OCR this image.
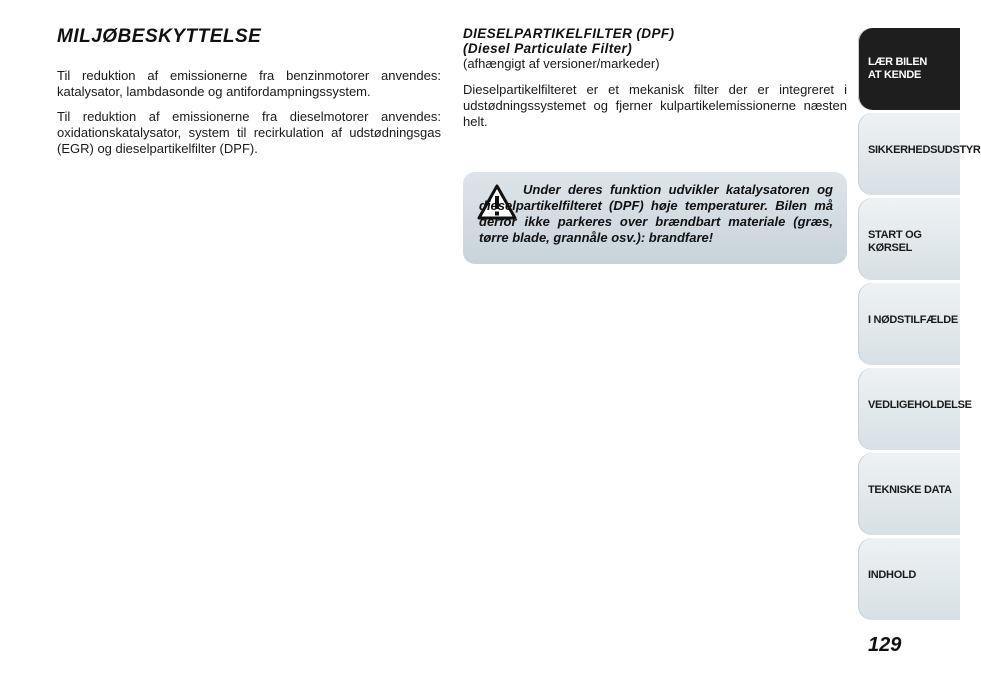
MILJØBESKYTTELSE

Til reduktion af emissionerne fra benzinmotorer anvendes: katalysator, lambdasonde og antifordampningssystem.

Til reduktion af emissionerne fra dieselmotorer anvendes: oxidationskatalysator, system til recirkulation af udstødningsgas (EGR) og dieselpartikelfilter (DPF).

DIESELPARTIKELFILTER (DPF)
(Diesel Particulate Filter)
(afhængigt af versioner/markeder)

Dieselpartikelfilteret er et mekanisk filter der er integreret i udstødningssystemet og fjerner kulpartikelemissionerne næsten helt.

Under deres funktion udvikler katalysatoren og dieselpartikelfilteret (DPF) høje temperaturer. Bilen må derfor ikke parkeres over brændbart materiale (græs, tørre blade, grannåle osv.): brandfare!
LÆR BILEN
AT KENDE
SIKKERHEDSUDSTYR
START OG KØRSEL
I NØDSTILFÆLDE
VEDLIGEHOLDELSE
TEKNISKE DATA
INDHOLD
129
